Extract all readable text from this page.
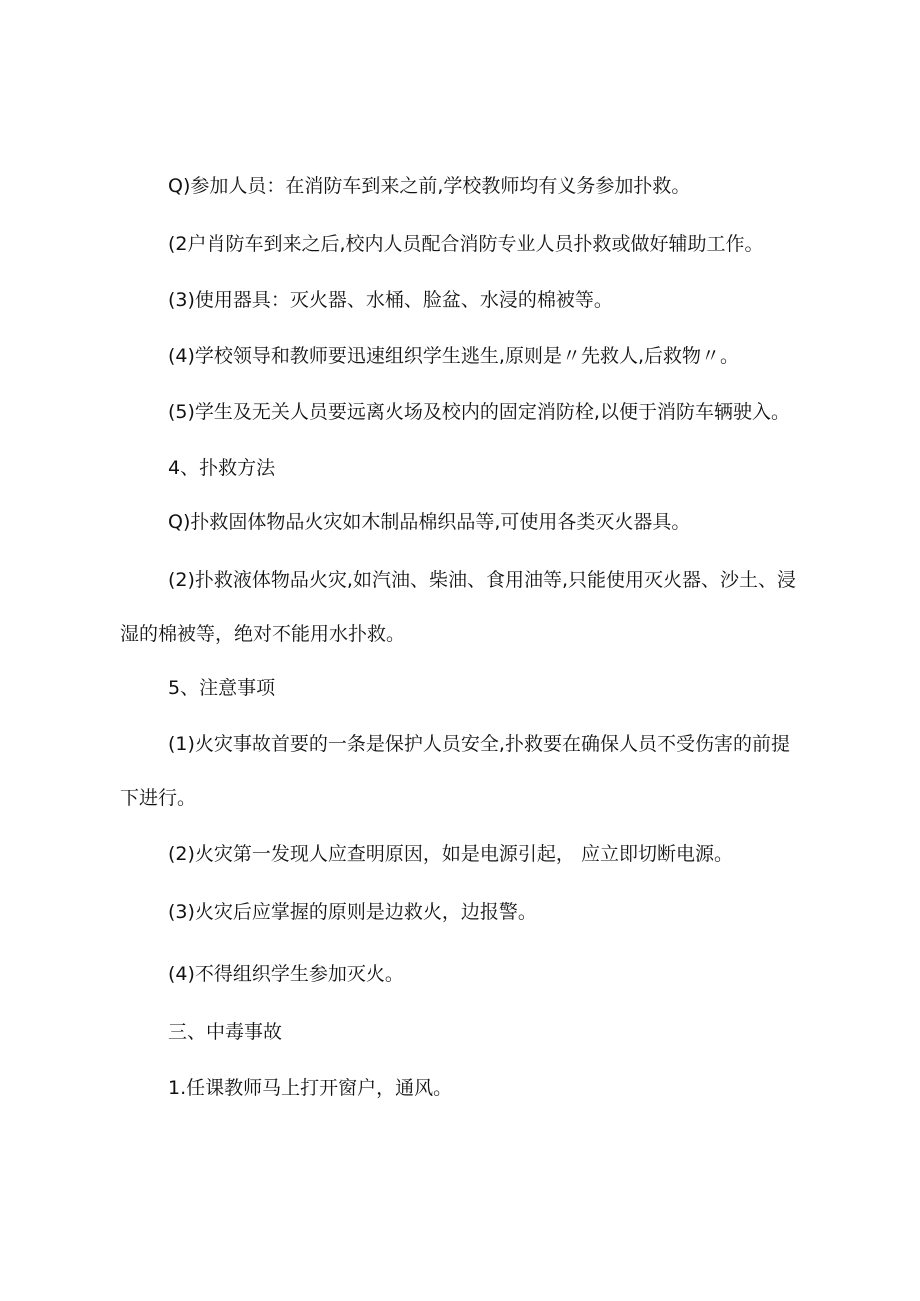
Q)参加人员：在消防车到来之前,学校教师均有义务参加扑救。
(2户肖防车到来之后,校内人员配合消防专业人员扑救或做好辅助工作。
(3)使用器具：灭火器、水桶、脸盆、水浸的棉被等。
(4)学校领导和教师要迅速组织学生逃生,原则是〃先救人,后救物〃。
(5)学生及无关人员要远离火场及校内的固定消防栓,以便于消防车辆驶入。
4、扑救方法
Q)扑救固体物品火灾如木制品棉织品等,可使用各类灭火器具。
(2)扑救液体物品火灾,如汽油、柴油、食用油等,只能使用灭火器、沙土、浸
湿的棉被等，绝对不能用水扑救。
5、注意事项
(1)火灾事故首要的一条是保护人员安全,扑救要在确保人员不受伤害的前提
下进行。
(2)火灾第一发现人应查明原因，如是电源引起， 应立即切断电源。
(3)火灾后应掌握的原则是边救火，边报警。
(4)不得组织学生参加灭火。
三、中毒事故
1.任课教师马上打开窗户，通风。
